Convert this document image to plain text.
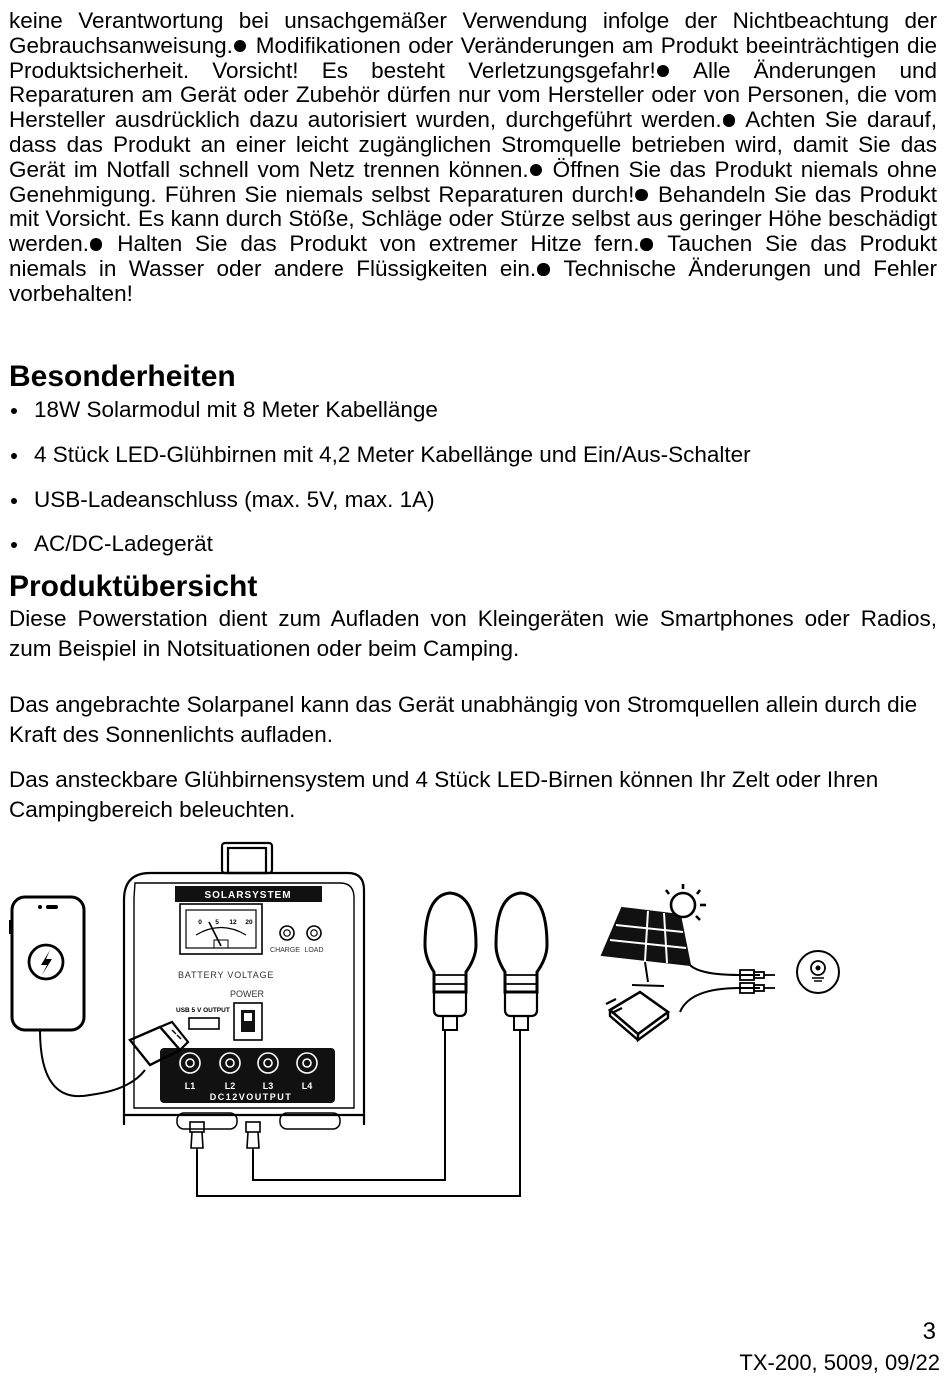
keine Verantwortung bei unsachgemäßer Verwendung infolge der Nichtbeachtung der Gebrauchsanweisung. Modifikationen oder Veränderungen am Produkt beeinträchtigen die Produktsicherheit. Vorsicht! Es besteht Verletzungsgefahr! Alle Änderungen und Reparaturen am Gerät oder Zubehör dürfen nur vom Hersteller oder von Personen, die vom Hersteller ausdrücklich dazu autorisiert wurden, durchgeführt werden. Achten Sie darauf, dass das Produkt an einer leicht zugänglichen Stromquelle betrieben wird, damit Sie das Gerät im Notfall schnell vom Netz trennen können. Öffnen Sie das Produkt niemals ohne Genehmigung. Führen Sie niemals selbst Reparaturen durch! Behandeln Sie das Produkt mit Vorsicht. Es kann durch Stöße, Schläge oder Stürze selbst aus geringer Höhe beschädigt werden. Halten Sie das Produkt von extremer Hitze fern. Tauchen Sie das Produkt niemals in Wasser oder andere Flüssigkeiten ein. Technische Änderungen und Fehler vorbehalten!
Besonderheiten
18W Solarmodul mit 8 Meter Kabellänge
4 Stück LED-Glühbirnen mit 4,2 Meter Kabellänge und Ein/Aus-Schalter
USB-Ladeanschluss (max. 5V, max. 1A)
AC/DC-Ladegerät
Produktübersicht
Diese Powerstation dient zum Aufladen von Kleingeräten wie Smartphones oder Radios, zum Beispiel in Notsituationen oder beim Camping.
Das angebrachte Solarpanel kann das Gerät unabhängig von Stromquellen allein durch die Kraft des Sonnenlichts aufladen.
Das ansteckbare Glühbirnensystem und 4 Stück LED-Birnen können Ihr Zelt oder Ihren Campingbereich beleuchten.
SOLARSYSTEM
0 5 12 20
CHARGE LOAD
BATTERY VOLTAGE
POWER
USB 5 V OUTPUT
L1	L2	L3	L4
DC12VOUTPUT
3
TX-200, 5009, 09/22
